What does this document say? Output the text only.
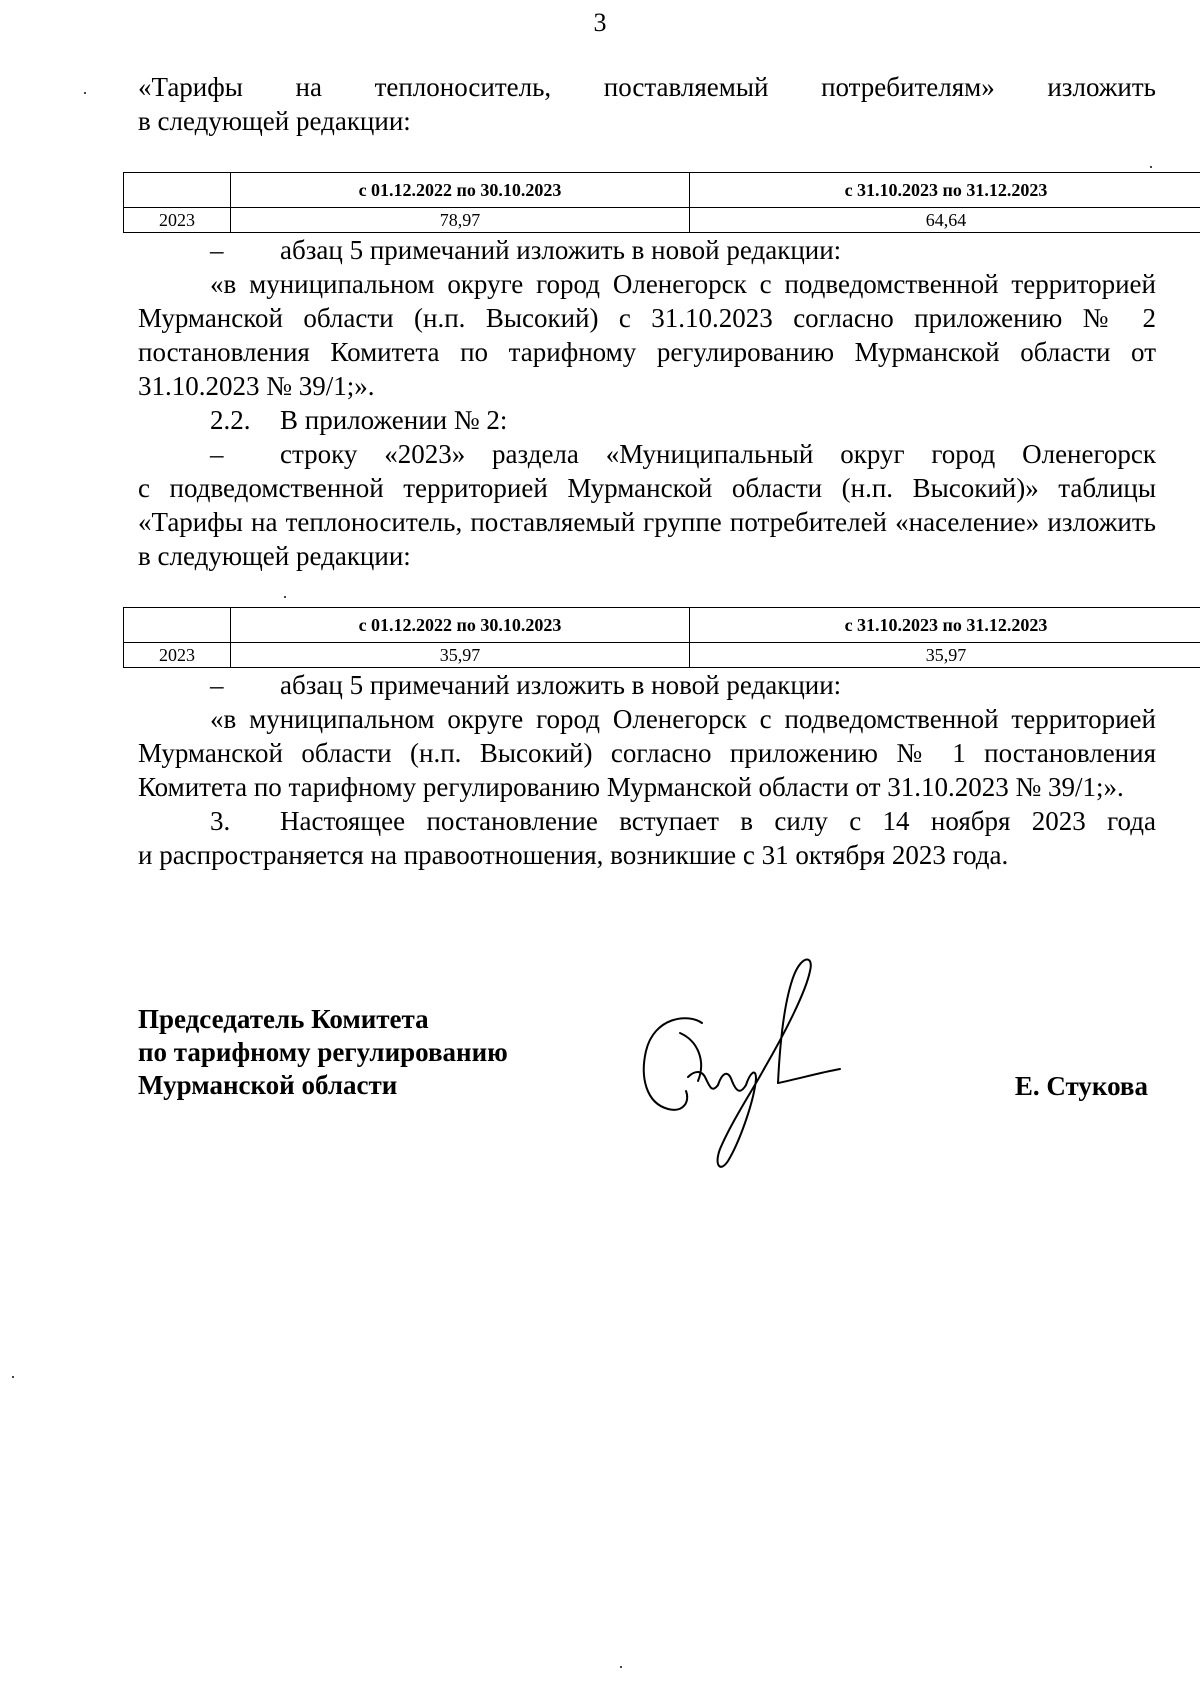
3

«Тарифы на теплоноситель, поставляемый потребителям» изложить

в следующей редакции:

	с 01.12.2022 по 30.10.2023	с 31.10.2023 по 31.12.2023
2023	78,97	64,64
–	абзац 5 примечаний изложить в новой редакции:

«в муниципальном округе город Оленегорск с подведомственной территорией Мурманской области (н.п. Высокий) с 31.10.2023 согласно приложению № 2 постановления Комитета по тарифному регулированию Мурманской области от 31.10.2023 № 39/1;».

2.2.	В приложении № 2:
–	строку «2023» раздела «Муниципальный округ город Оленегорск

с подведомственной территорией Мурманской области (н.п. Высокий)» таблицы «Тарифы на теплоноситель, поставляемый группе потребителей «население» изложить в следующей редакции:

	с 01.12.2022 по 30.10.2023	с 31.10.2023 по 31.12.2023
2023	35,97	35,97
–	абзац 5 примечаний изложить в новой редакции:

«в муниципальном округе город Оленегорск с подведомственной территорией Мурманской области (н.п. Высокий) согласно приложению № 1 постановления Комитета по тарифному регулированию Мурманской области от 31.10.2023 № 39/1;».

3.	Настоящее постановление вступает в силу с 14 ноября 2023 года

и распространяется на правоотношения, возникшие с 31 октября 2023 года.

Председатель Комитета
по тарифному регулированию
Мурманской области	Е. Стукова
